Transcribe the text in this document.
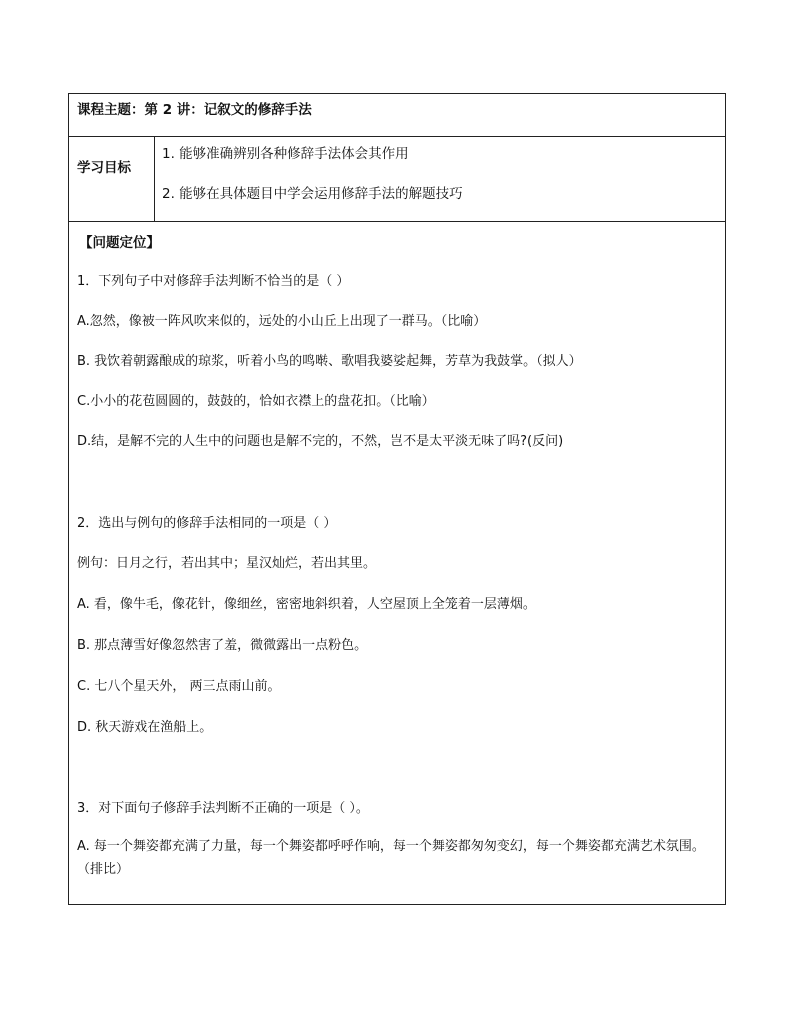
课程主题：第 2 讲：记叙文的修辞手法
学习目标
1. 能够准确辨别各种修辞手法体会其作用
2. 能够在具体题目中学会运用修辞手法的解题技巧
【问题定位】
1．下列句子中对修辞手法判断不恰当的是（ ）
A.忽然，像被一阵风吹来似的，远处的小山丘上出现了一群马。（比喻）
B. 我饮着朝露酿成的琼浆，听着小鸟的鸣啭、歌唱我婆娑起舞，芳草为我鼓掌。（拟人）
C.小小的花苞圆圆的，鼓鼓的，恰如衣襟上的盘花扣。（比喻）
D.结，是解不完的人生中的问题也是解不完的，不然，岂不是太平淡无味了吗?(反问)
2．选出与例句的修辞手法相同的一项是（ ）
例句：日月之行，若出其中；星汉灿烂，若出其里。
A. 看，像牛毛，像花针，像细丝，密密地斜织着，人空屋顶上全笼着一层薄烟。
B. 那点薄雪好像忽然害了羞，微微露出一点粉色。
C. 七八个星天外， 两三点雨山前。
D. 秋天游戏在渔船上。
3．对下面句子修辞手法判断不正确的一项是（ ）。
A. 每一个舞姿都充满了力量，每一个舞姿都呼呼作响，每一个舞姿都匆匆变幻，每一个舞姿都充满艺术氛围。（排比）
